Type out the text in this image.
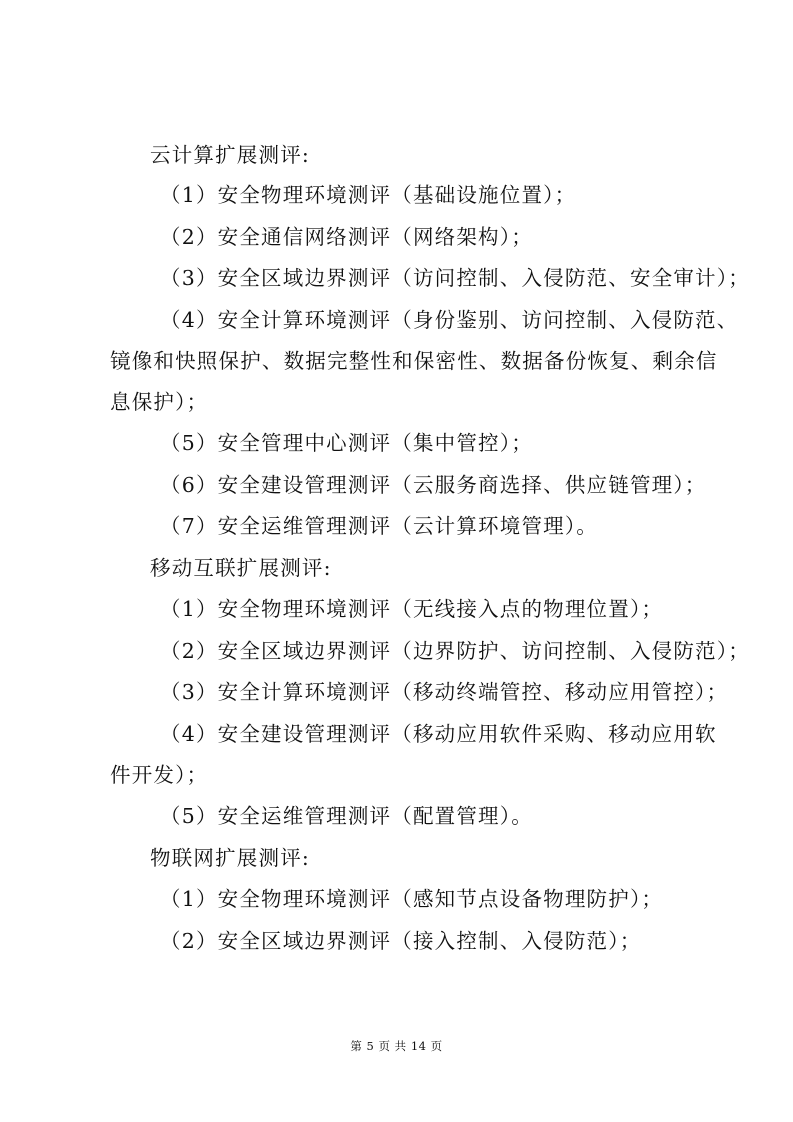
云计算扩展测评:
（1）安全物理环境测评（基础设施位置）；
（2）安全通信网络测评（网络架构）；
（3）安全区域边界测评（访问控制、入侵防范、安全审计）；
（4）安全计算环境测评（身份鉴别、访问控制、入侵防范、
镜像和快照保护、数据完整性和保密性、数据备份恢复、剩余信
息保护）；
（5）安全管理中心测评（集中管控）；
（6）安全建设管理测评（云服务商选择、供应链管理）；
（7）安全运维管理测评（云计算环境管理）。
移动互联扩展测评:
（1）安全物理环境测评（无线接入点的物理位置）；
（2）安全区域边界测评（边界防护、访问控制、入侵防范）；
（3）安全计算环境测评（移动终端管控、移动应用管控）；
（4）安全建设管理测评（移动应用软件采购、移动应用软
件开发）；
（5）安全运维管理测评（配置管理）。
物联网扩展测评:
（1）安全物理环境测评（感知节点设备物理防护）；
（2）安全区域边界测评（接入控制、入侵防范）；
第 5 页 共 14 页
